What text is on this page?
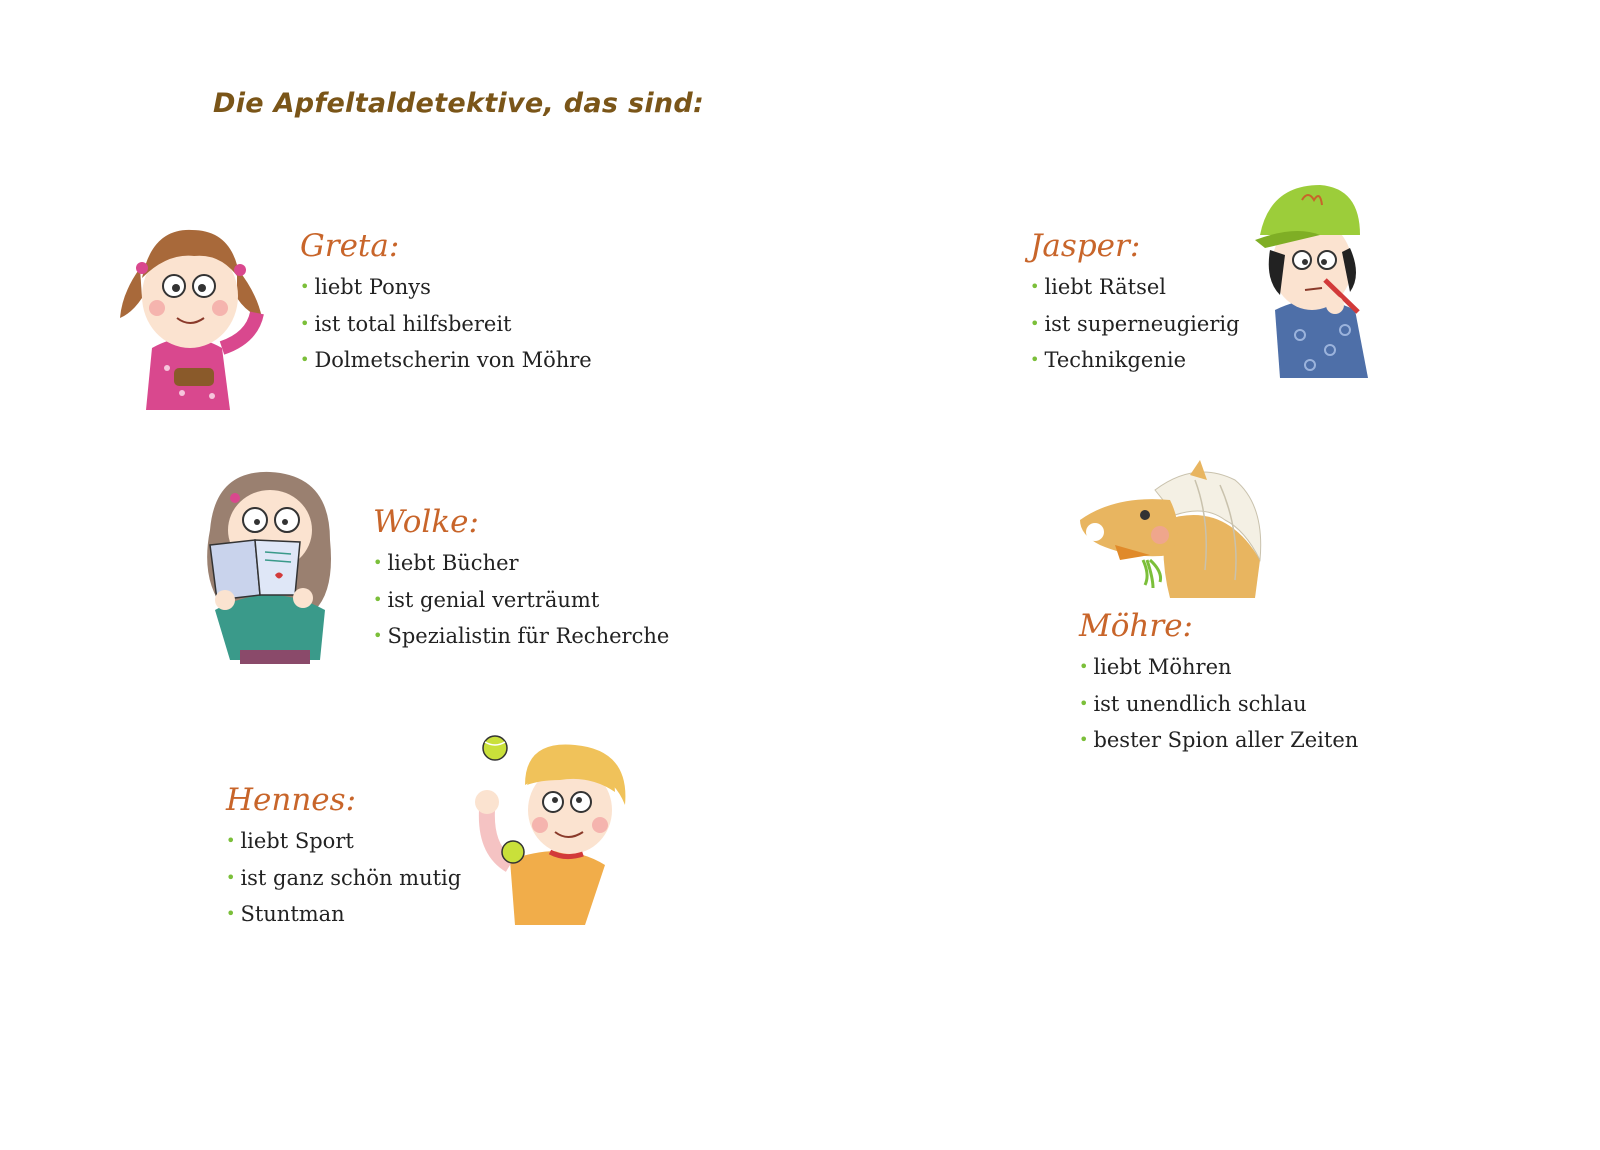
Die Apfeltaldetektive, das sind:
Greta:
• liebt Ponys
• ist total hilfsbereit
• Dolmetscherin von Möhre
Jasper:
• liebt Rätsel
• ist superneugierig
• Technikgenie
Wolke:
• liebt Bücher
• ist genial verträumt
• Spezialistin für Recherche	Möhre:
• liebt Möhren
• ist unendlich schlau
• bester Spion aller Zeiten
Hennes:
• liebt Sport
• ist ganz schön mutig
• Stuntman
